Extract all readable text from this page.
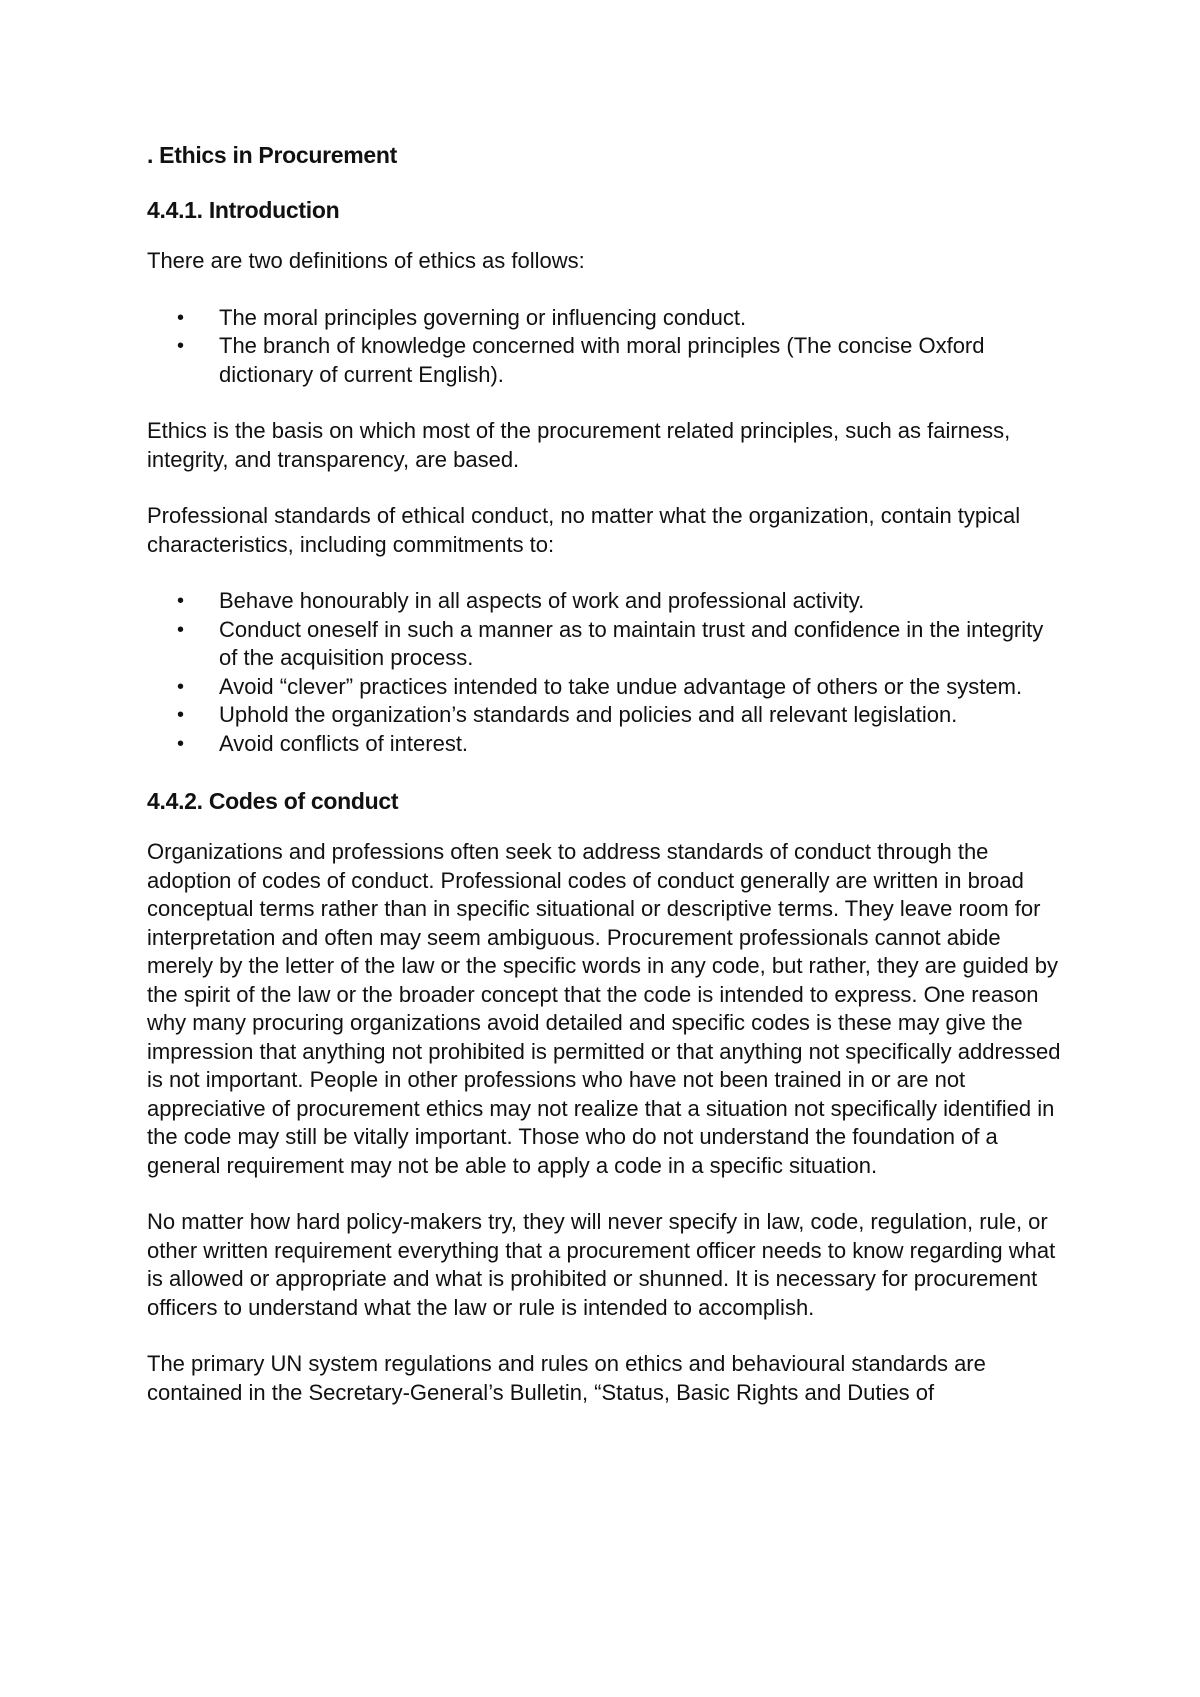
. Ethics in Procurement
4.4.1. Introduction

There are two definitions of ethics as follows:

• The moral principles governing or influencing conduct.
• The branch of knowledge concerned with moral principles (The concise Oxford dictionary of current English).

Ethics is the basis on which most of the procurement related principles, such as fairness, integrity, and transparency, are based.

Professional standards of ethical conduct, no matter what the organization, contain typical characteristics, including commitments to:

• Behave honourably in all aspects of work and professional activity.
• Conduct oneself in such a manner as to maintain trust and confidence in the integrity of the acquisition process.
• Avoid “clever” practices intended to take undue advantage of others or the system.
• Uphold the organization’s standards and policies and all relevant legislation.
• Avoid conflicts of interest.
4.4.2. Codes of conduct

Organizations and professions often seek to address standards of conduct through the adoption of codes of conduct. Professional codes of conduct generally are written in broad conceptual terms rather than in specific situational or descriptive terms. They leave room for interpretation and often may seem ambiguous. Procurement professionals cannot abide merely by the letter of the law or the specific words in any code, but rather, they are guided by the spirit of the law or the broader concept that the code is intended to express. One reason why many procuring organizations avoid detailed and specific codes is these may give the impression that anything not prohibited is permitted or that anything not specifically addressed is not important. People in other professions who have not been trained in or are not appreciative of procurement ethics may not realize that a situation not specifically identified in the code may still be vitally important. Those who do not understand the foundation of a general requirement may not be able to apply a code in a specific situation.

No matter how hard policy-makers try, they will never specify in law, code, regulation, rule, or other written requirement everything that a procurement officer needs to know regarding what is allowed or appropriate and what is prohibited or shunned. It is necessary for procurement officers to understand what the law or rule is intended to accomplish.

The primary UN system regulations and rules on ethics and behavioural standards are contained in the Secretary-General’s Bulletin, “Status, Basic Rights and Duties of
